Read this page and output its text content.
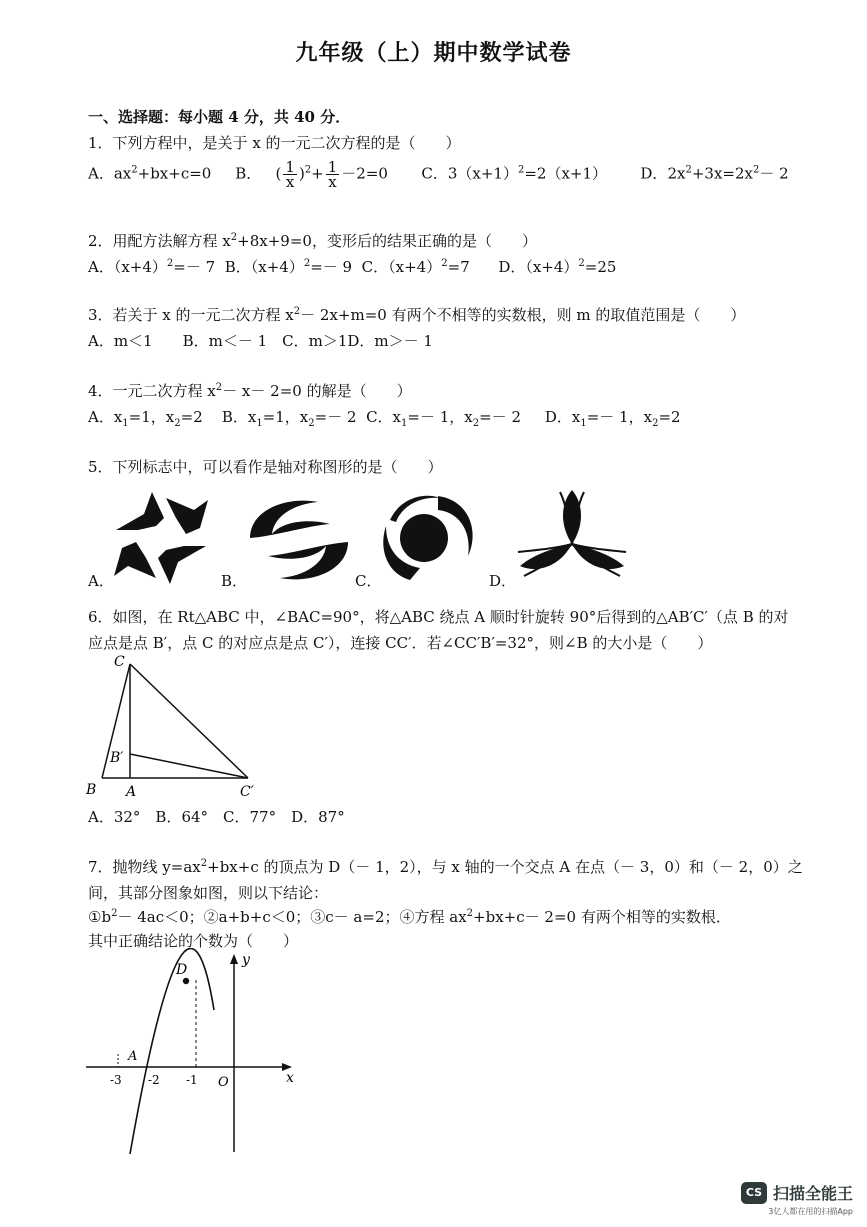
九年级（上）期中数学试卷
一、选择题：每小题 4 分，共 40 分．
1．下列方程中，是关于 x 的一元二次方程的是（　　）
A．$ax^2+bx+c=0$ B． ( $\frac{1}{x} )^2+ \frac{1}{x} -2=0$ C．$3(x+1)^2=2(x+1)$ D．$2x^2+3x=2x^2- 2$
2．用配方法解方程 $x^2+8x+9=0$，变形后的结果正确的是（　　）
A．$(x+4)^2=- 7$ B．$(x+4)^2=- 9$ C．$(x+4)^2=7$ D．$(x+4)^2=25$
3．若关于 x 的一元二次方程 $x^2- 2x+m=0$ 有两个不相等的实数根，则 m 的取值范围是（　　）
A．m＜1　　B．m＜－ 1　C．m＞1D．m＞－ 1
4．一元二次方程 $x^2- x- 2=0$ 的解是（　　）
A．$x_1=1$，$x_2=2$ B．$x_1=1$，$x_2=- 2$ C．$x_1=- 1$，$x_2=- 2$ D．$x_1=- 1$，$x_2=2$
5．下列标志中，可以看作是轴对称图形的是（　　）
A．	B．	C．	D．
6．如图，在 Rt△ABC 中，∠BAC=90°，将△ABC 绕点 A 顺时针旋转 90°后得到的△AB′C′（点 B 的对
应点是点 B′，点 C 的对应点是点 C′），连接 CC′．若∠CC′B′=32°，则∠B 的大小是（　　）
C
B′
B A	C′
A．32°　B．64°　C．77°　D．87°
7．抛物线 $y=ax^2+bx+c$ 的顶点为 D（－ 1，2），与 x 轴的一个交点 A 在点（－ 3，0）和（－ 2，0）之
间，其部分图象如图，则以下结论：
$①b^2- 4ac<0$；②a+b+c＜0；③c－ a=2；④方程 $ax^2+bx+c- 2=0$ 有两个相等的实数根．
其中正确结论的个数为（　　）
y
x
D
A
-3 -2 -1 O
CS 扫描全能王
3亿人都在用的扫描App
